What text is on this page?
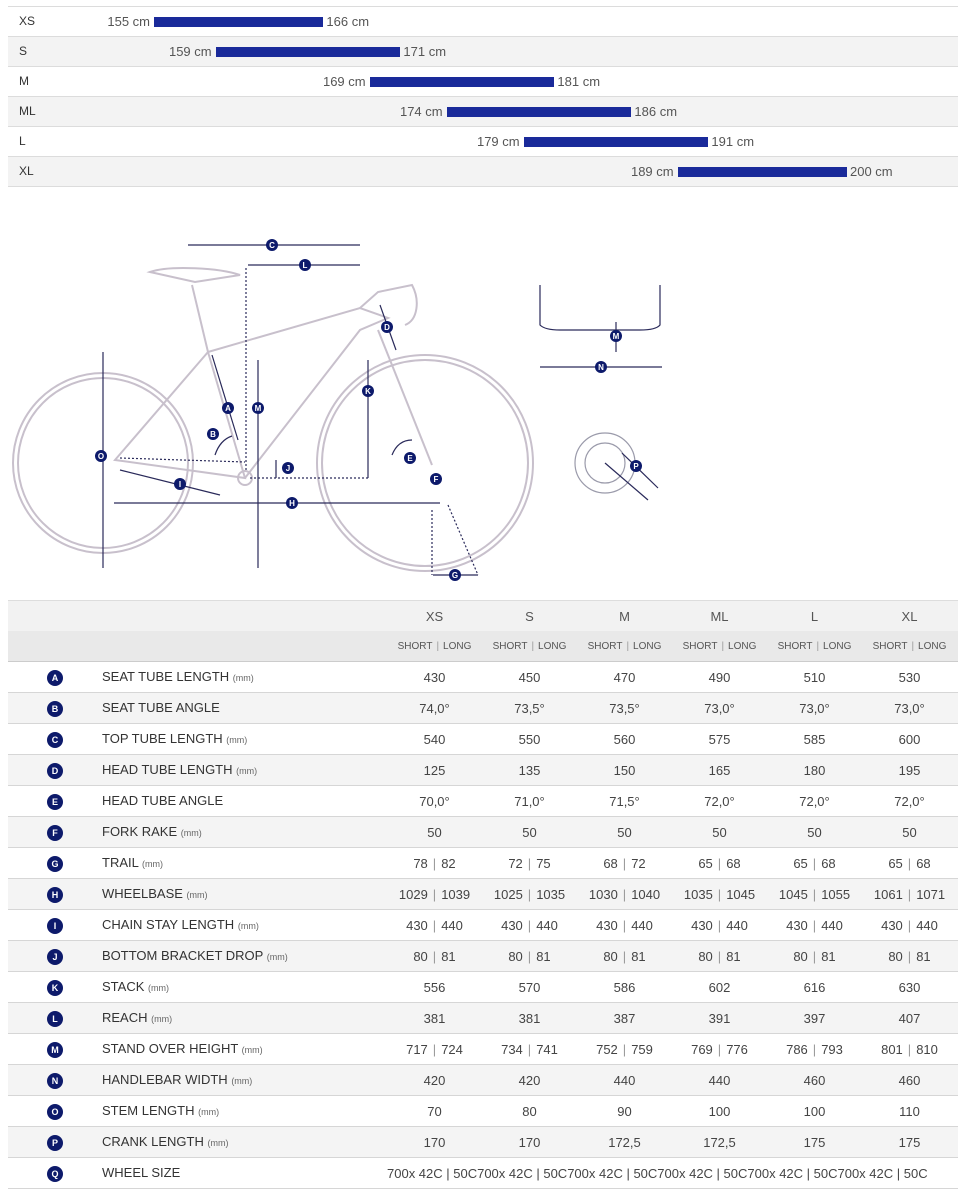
XS	155 cm	166 cm
S	159 cm	171 cm
M	169 cm	181 cm
ML	174 cm	186 cm
L	179 cm	191 cm
XL	189 cm	200 cm
A
B
C
D
E
F
G
H
I
J
K
L
M
N
M
P
O
XS	S	M	ML	L	XL
SHORT | LONG	SHORT | LONG	SHORT | LONG	SHORT | LONG	SHORT | LONG	SHORT | LONG
A	SEAT TUBE LENGTH (mm)	430	450	470	490	510	530
B	SEAT TUBE ANGLE	74,0°	73,5°	73,5°	73,0°	73,0°	73,0°
C	TOP TUBE LENGTH (mm)	540	550	560	575	585	600
D	HEAD TUBE LENGTH (mm)	125	135	150	165	180	195
E	HEAD TUBE ANGLE	70,0°	71,0°	71,5°	72,0°	72,0°	72,0°
F	FORK RAKE (mm)	50	50	50	50	50	50
G	TRAIL (mm)	78 | 82	72 | 75	68 | 72	65 | 68	65 | 68	65 | 68
H	WHEELBASE (mm)	1029 | 1039	1025 | 1035	1030 | 1040	1035 | 1045	1045 | 1055	1061 | 1071
I	CHAIN STAY LENGTH (mm)	430 | 440	430 | 440	430 | 440	430 | 440	430 | 440	430 | 440
J	BOTTOM BRACKET DROP (mm)	80 | 81	80 | 81	80 | 81	80 | 81	80 | 81	80 | 81
K	STACK (mm)	556	570	586	602	616	630
L	REACH (mm)	381	381	387	391	397	407
M	STAND OVER HEIGHT (mm)	717 | 724	734 | 741	752 | 759	769 | 776	786 | 793	801 | 810
N	HANDLEBAR WIDTH (mm)	420	420	440	440	460	460
O	STEM LENGTH (mm)	70	80	90	100	100	110
P	CRANK LENGTH (mm)	170	170	172,5	172,5	175	175
Q	WHEEL SIZE	700x 42C | 50C700x 42C | 50C700x 42C | 50C700x 42C | 50C700x 42C | 50C700x 42C | 50C
